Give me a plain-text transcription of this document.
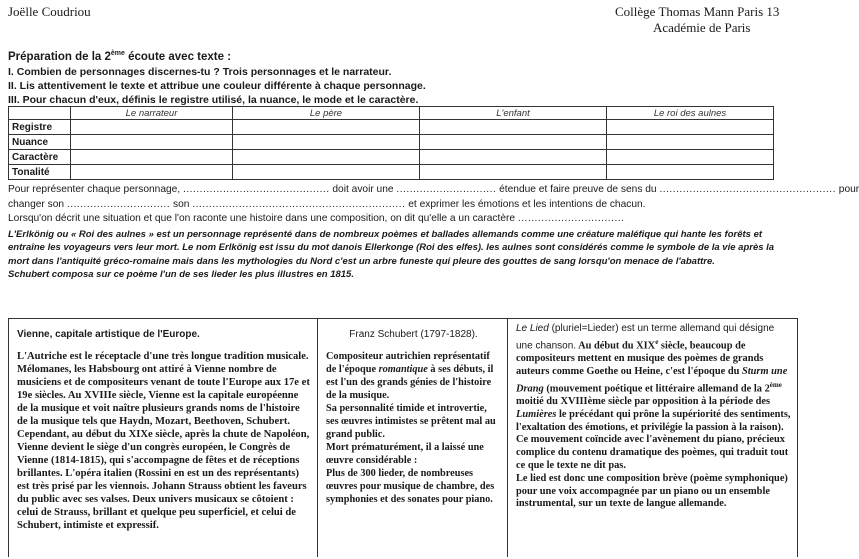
Joëlle Coudriou	Collège Thomas Mann Paris 13
Académie de Paris
Préparation de la 2ème écoute avec texte :
I. Combien de personnages discernes-tu ? Trois personnages et le narrateur.
II. Lis attentivement le texte et attribue une couleur différente à chaque personnage.
III. Pour chacun d'eux, définis le registre utilisé, la nuance, le mode et le caractère.
	Le narrateur	Le père	L'enfant	Le roi des aulnes
Registre				
Nuance				
Caractère				
Tonalité				
Pour représenter chaque personnage, ............................................ doit avoir une .............................. étendue et faire preuve de sens du ..................................................... pour
changer son ............................... son ................................................................ et exprimer les émotions et les intentions de chacun.
Lorsqu'on décrit une situation et que l'on raconte une histoire dans une composition, on dit qu'elle a un caractère ................................
L'Erlkönig ou « Roi des aulnes » est un personnage représenté dans de nombreux poèmes et ballades allemands comme une créature maléfique qui hante les forêts et
entraîne les voyageurs vers leur mort. Le nom Erlkönig est issu du mot danois Ellerkonge (Roi des elfes). les aulnes sont considérés comme le symbole de la vie après la
mort dans l'antiquité gréco-romaine mais dans les mythologies du Nord c'est un arbre funeste qui pleure des gouttes de sang lorsqu'on menace de l'abattre.
Schubert composa sur ce poème l'un de ses lieder les plus illustres en 1815.
Vienne, capitale artistique de l'Europe.

L'Autriche est le réceptacle d'une très longue tradition musicale. Mélomanes, les Habsbourg ont attiré à Vienne nombre de musiciens et de compositeurs venant de toute l'Europe aux 17e et 19e siècles. Au XVIIIe siècle, Vienne est la capitale européenne de la musique et voit naître plusieurs grands noms de l'histoire de la musique tels que Haydn, Mozart, Beethoven, Schubert. Cependant, au début du XIXe siècle, après la chute de Napoléon, Vienne devient le siège d'un congrès européen, le Congrès de Vienne (1814-1815), qui s'accompagne de fêtes et de réceptions brillantes. L'opéra italien (Rossini en est un des représentants) est très prisé par les viennois. Johann Strauss obtient les faveurs du public avec ses valses. Deux univers musicaux se côtoient : celui de Strauss, brillant et quelque peu superficiel, et celui de Schubert, intimiste et expressif.

Franz Schubert (1797-1828).

Compositeur autrichien représentatif de l'époque romantique à ses débuts, il est l'un des grands génies de l'histoire de la musique.
Sa personnalité timide et introvertie, ses œuvres intimistes se prêtent mal au grand public.
Mort prématurément, il a laissé une œuvre considérable :
Plus de 300 lieder, de nombreuses œuvres pour musique de chambre, des symphonies et des sonates pour piano.

Le Lied (pluriel=Lieder) est un terme allemand qui désigne une chanson. Au début du XIXe siècle, beaucoup de compositeurs mettent en musique des poèmes de grands auteurs comme Goethe ou Heine, c'est l'époque du Sturm une Drang (mouvement poétique et littéraire allemand de la 2ème moitié du XVIIIème siècle par opposition à la période des Lumières le précédant qui prône la supériorité des sentiments, l'exaltation des émotions, et privilégie la passion à la raison). Ce mouvement coïncide avec l'avènement du piano, précieux complice du contenu dramatique des poèmes, qui traduit tout ce que le texte ne dit pas.
Le lied est donc une composition brève (poème symphonique) pour une voix accompagnée par un piano ou un ensemble instrumental, sur un texte de langue allemande.
